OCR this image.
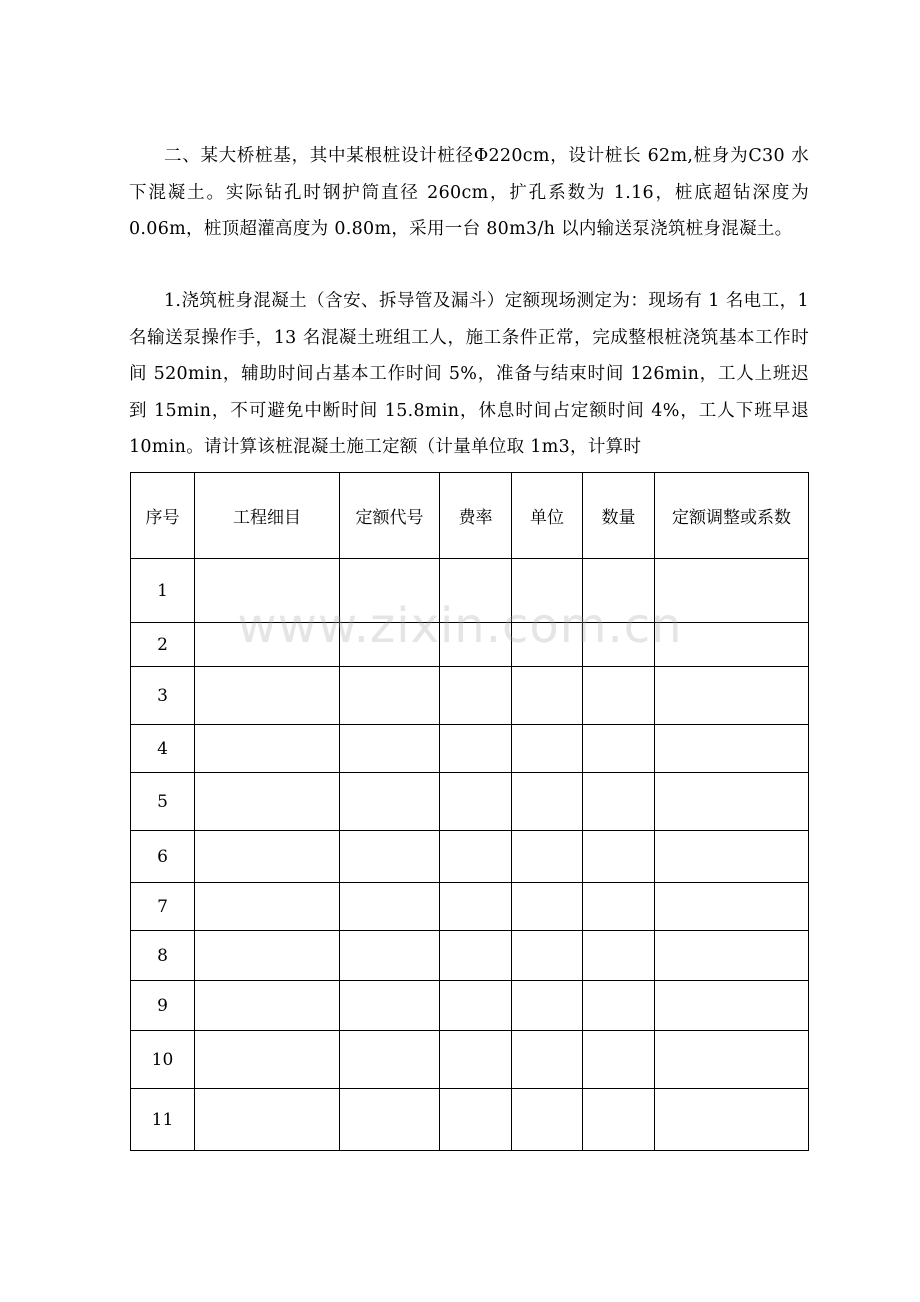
二、某大桥桩基，其中某根桩设计桩径Φ220cm，设计桩长 62m,桩身为C30 水下混凝土。实际钻孔时钢护筒直径 260cm，扩孔系数为 1.16，桩底超钻深度为 0.06m，桩顶超灌高度为 0.80m，采用一台 80m3/h 以内输送泵浇筑桩身混凝土。

1.浇筑桩身混凝土（含安、拆导管及漏斗）定额现场测定为：现场有 1 名电工，1 名输送泵操作手，13 名混凝土班组工人，施工条件正常，完成整根桩浇筑基本工作时间 520min，辅助时间占基本工作时间 5%，准备与结束时间 126min，工人上班迟到 15min，不可避免中断时间 15.8min，休息时间占定额时间 4%，工人下班早退 10min。请计算该桩混凝土施工定额（计量单位取 1m3，计算时

序号	工程细目	定额代号	费率	单位	数量	定额调整或系数
1						
2						
3						
4						
5						
6						
7						
8						
9						
10						
11						
www.zixin.com.cn
